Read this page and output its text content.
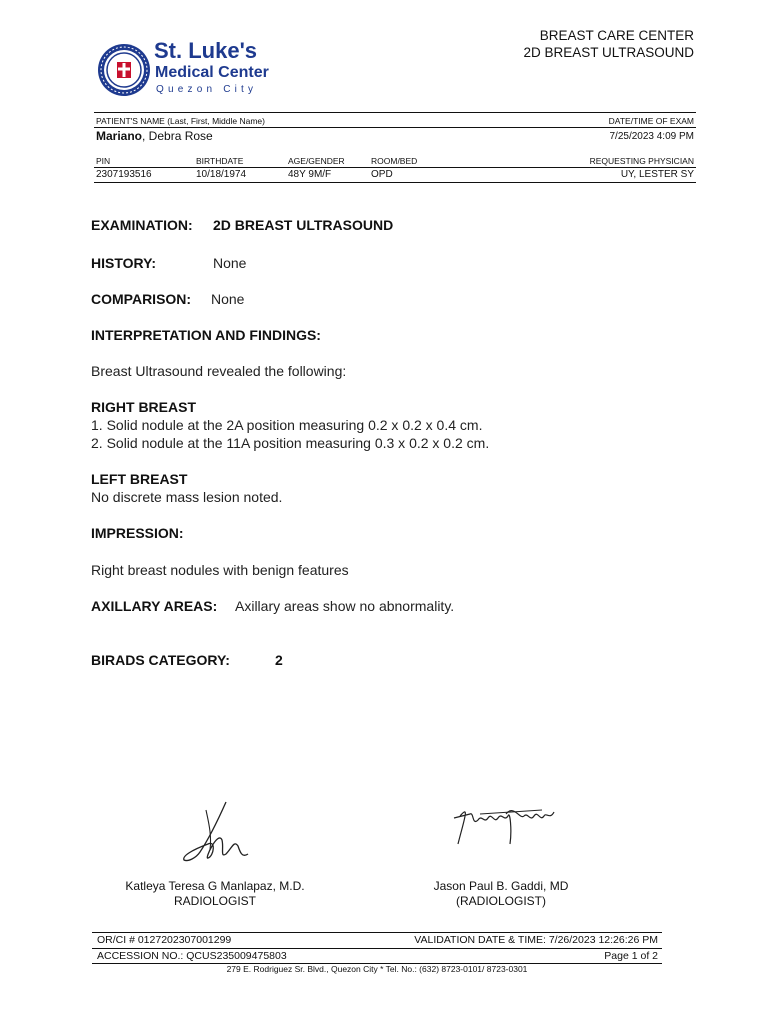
St. Luke's
Medical Center
Quezon City
BREAST CARE CENTER
2D BREAST ULTRASOUND
PATIENT'S NAME (Last, First, Middle Name)	DATE/TIME OF EXAM
Mariano, Debra Rose	7/25/2023 4:09 PM
PIN	BIRTHDATE	AGE/GENDER	ROOM/BED	REQUESTING PHYSICIAN
2307193516	10/18/1974	48Y 9M/F	OPD	UY, LESTER SY
EXAMINATION: 2D BREAST ULTRASOUND
HISTORY:	None
COMPARISON: None
INTERPRETATION AND FINDINGS:
Breast Ultrasound revealed the following:
RIGHT BREAST
1. Solid nodule at the 2A position measuring 0.2 x 0.2 x 0.4 cm.
2. Solid nodule at the 11A position measuring 0.3 x 0.2 x 0.2 cm.
LEFT BREAST
No discrete mass lesion noted.
IMPRESSION:
Right breast nodules with benign features
AXILLARY AREAS: Axillary areas show no abnormality.
BIRADS CATEGORY:	2
Katleya Teresa G Manlapaz, M.D.
RADIOLOGIST
Jason Paul B. Gaddi, MD
(RADIOLOGIST)
OR/CI # 0127202307001299	VALIDATION DATE & TIME: 7/26/2023 12:26:26 PM
ACCESSION NO.: QCUS235009475803	Page 1 of 2
279 E. Rodriguez Sr. Blvd., Quezon City * Tel. No.: (632) 8723-0101/ 8723-0301
